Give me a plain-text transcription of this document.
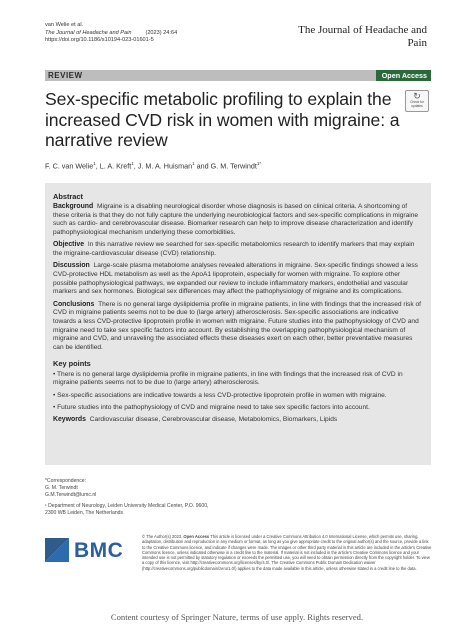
van Welie et al.
The Journal of Headache and Pain	(2023) 24:64
https://doi.org/10.1186/s10194-023-01601-5
The Journal of Headache and Pain
REVIEW	Open Access
Sex-specific metabolic profiling to explain the increased CVD risk in women with migraine: a narrative review
↻
Check for updates
F. C. van Welie$^1$, L. A. Kreft$^1$, J. M. A. Huisman$^1$ and G. M. Terwindt$^{1*}$
Abstract
Background Migraine is a disabling neurological disorder whose diagnosis is based on clinical criteria. A shortcoming of these criteria is that they do not fully capture the underlying neurobiological factors and sex-specific complications in migraine such as cardio- and cerebrovascular disease. Biomarker research can help to improve disease characterization and identify pathophysiological mechanism underlying these comorbidities.
Objective In this narrative review we searched for sex-specific metabolomics research to identify markers that may explain the migraine-cardiovascular disease (CVD) relationship.
Discussion Large-scale plasma metabolome analyses revealed alterations in migraine. Sex-specific findings showed a less CVD-protective HDL metabolism as well as the ApoA1 lipoprotein, especially for women with migraine. To explore other possible pathophysiological pathways, we expanded our review to include inflammatory markers, endothelial and vascular markers and sex hormones. Biological sex differences may affect the pathophysiology of migraine and its complications.
Conclusions There is no general large dyslipidemia profile in migraine patients, in line with findings that the increased risk of CVD in migraine patients seems not to be due to (large artery) atherosclerosis. Sex-specific associations are indicative towards a less CVD-protective lipoprotein profile in women with migraine. Future studies into the pathophysiology of CVD and migraine need to take sex specific factors into account. By establishing the overlapping pathophysiological mechanism of migraine and CVD, and unraveling the associated effects these diseases exert on each other, better preventative measures can be identified.
Key points
• There is no general large dyslipidemia profile in migraine patients, in line with findings that the increased risk of CVD in migraine patients seems not to be due to (large artery) atherosclerosis.
• Sex-specific associations are indicative towards a less CVD-protective lipoprotein profile in women with migraine.
• Future studies into the pathophysiology of CVD and migraine need to take sex specific factors into account.
Keywords Cardiovascular disease, Cerebrovascular disease, Metabolomics, Biomarkers, Lipids
*Correspondence:
G. M. Terwindt
G.M.Terwindt@lumc.nl
¹ Department of Neurology, Leiden University Medical Center, P.O. 9600,
2300 WB Leiden, The Netherlands
BMC
© The Author(s) 2023. Open Access This article is licensed under a Creative Commons Attribution 4.0 International License, which permits use, sharing, adaptation, distribution and reproduction in any medium or format, as long as you give appropriate credit to the original author(s) and the source, provide a link to the Creative Commons licence, and indicate if changes were made. The images or other third party material in this article are included in the article's Creative Commons licence, unless indicated otherwise in a credit line to the material. If material is not included in the article's Creative Commons licence and your intended use is not permitted by statutory regulation or exceeds the permitted use, you will need to obtain permission directly from the copyright holder. To view a copy of this licence, visit http://creativecommons.org/licenses/by/4.0/. The Creative Commons Public Domain Dedication waiver (http://creativecommons.org/publicdomain/zero/1.0/) applies to the data made available in this article, unless otherwise stated in a credit line to the data.
Content courtesy of Springer Nature, terms of use apply. Rights reserved.
